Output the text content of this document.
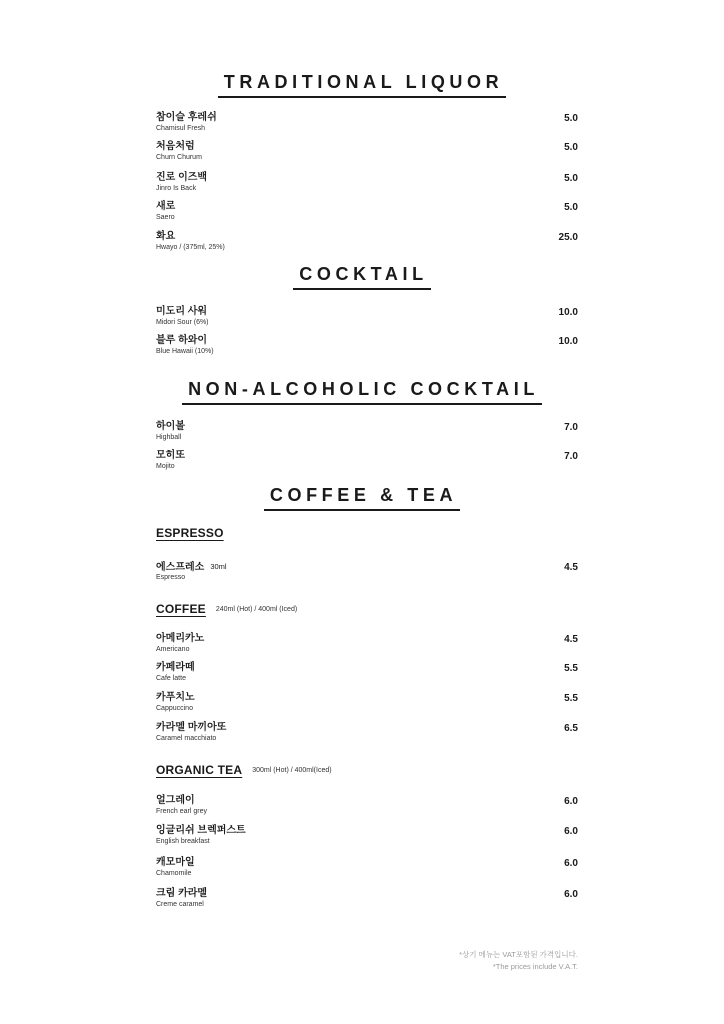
TRADITIONAL LIQUOR
참이슬 후레쉬
Chamisul Fresh
5.0
처음처럼
Churn Churum
5.0
진로 이즈백
Jinro Is Back
5.0
새로
Saero
5.0
화요
Hwayo / (375ml, 25%)
25.0
COCKTAIL
미도리 사워
Midori Sour (6%)
10.0
블루 하와이
Blue Hawaii (10%)
10.0
NON-ALCOHOLIC COCKTAIL
하이볼
Highball
7.0
모히또
Mojito
7.0
COFFEE & TEA
ESPRESSO
에스프레소 30ml
Espresso
4.5
COFFEE 240ml (Hot) / 400ml (Iced)
아메리카노
Americano
4.5
카페라떼
Cafe latte
5.5
카푸치노
Cappuccino
5.5
카라멜 마끼아또
Caramel macchiato
6.5
ORGANIC TEA 300ml (Hot) / 400ml(Iced)
얼그레이
French earl grey
6.0
잉글리쉬 브렉퍼스트
English breakfast
6.0
캐모마일
Chamomile
6.0
크림 카라멜
Creme caramel
6.0
*상기 메뉴는 VAT포함된 가격입니다.
*The prices include V.A.T.
